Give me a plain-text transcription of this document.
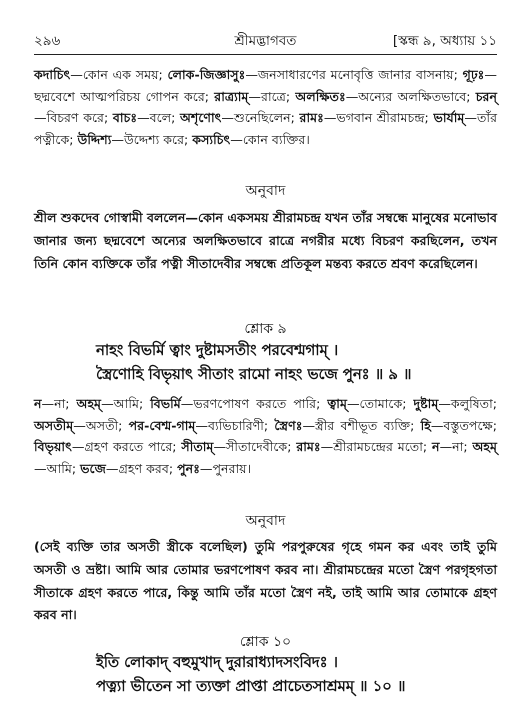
২৯৬	শ্রীমদ্ভাগবত	[স্কন্ধ ৯, অধ্যায় ১১
কদাচিৎ—কোন এক সময়; লোক-জিজ্ঞাসুঃ—জনসাধারণের মনোবৃত্তি জানার বাসনায়; গূঢ়ঃ—ছদ্মবেশে আত্মপরিচয় গোপন করে; রাত্র্যাম্—রাত্রে; অলক্ষিতঃ—অন্যের অলক্ষিতভাবে; চরন্—বিচরণ করে; বাচঃ—বলে; অশৃণোৎ—শুনেছিলেন; রামঃ—ভগবান শ্রীরামচন্দ্র; ভার্যাম্—তাঁর পত্নীকে; উদ্দিশ্য—উদ্দেশ্য করে; কস্যচিৎ—কোন ব্যক্তির।
অনুবাদ
শ্রীল শুকদেব গোস্বামী বললেন—কোন একসময় শ্রীরামচন্দ্র যখন তাঁর সম্বন্ধে মানুষের মনোভাব জানার জন্য ছদ্মবেশে অন্যের অলক্ষিতভাবে রাত্রে নগরীর মধ্যে বিচরণ করছিলেন, তখন তিনি কোন ব্যক্তিকে তাঁর পত্নী সীতাদেবীর সম্বন্ধে প্রতিকূল মন্তব্য করতে শ্রবণ করেছিলেন।
শ্লোক ৯
নাহং বিভর্মি ত্বাং দুষ্টামসতীং পরবেশ্মগাম্ ।
স্ত্রৈণোহি বিভৃয়াৎ সীতাং রামো নাহং ভজে পুনঃ ॥ ৯ ॥
ন—না; অহম্—আমি; বিভর্মি—ভরণপোষণ করতে পারি; ত্বাম্—তোমাকে; দুষ্টাম্—কলুষিতা; অসতীম্—অসতী; পর-বেশ্ম-গাম্—ব্যভিচারিণী; স্ত্রৈণঃ—স্ত্রীর বশীভূত ব্যক্তি; হি—বস্তুতপক্ষে; বিভৃয়াৎ—গ্রহণ করতে পারে; সীতাম্—সীতাদেবীকে; রামঃ—শ্রীরামচন্দ্রের মতো; ন—না; অহম্—আমি; ভজে—গ্রহণ করব; পুনঃ—পুনরায়।
অনুবাদ
(সেই ব্যক্তি তার অসতী স্ত্রীকে বলেছিল) তুমি পরপুরুষের গৃহে গমন কর এবং তাই তুমি অসতী ও ভ্রষ্টা। আমি আর তোমার ভরণপোষণ করব না। শ্রীরামচন্দ্রের মতো স্ত্রৈণ পরগৃহগতা সীতাকে গ্রহণ করতে পারে, কিন্তু আমি তাঁর মতো স্ত্রৈণ নই, তাই আমি আর তোমাকে গ্রহণ করব না।
শ্লোক ১০
ইতি লোকাদ্ বহুমুখাদ্ দুরারাধ্যাদসংবিদঃ ।
পত্ন্যা ভীতেন সা ত্যক্তা প্রাপ্তা প্রাচেতসাশ্রমম্ ॥ ১০ ॥
